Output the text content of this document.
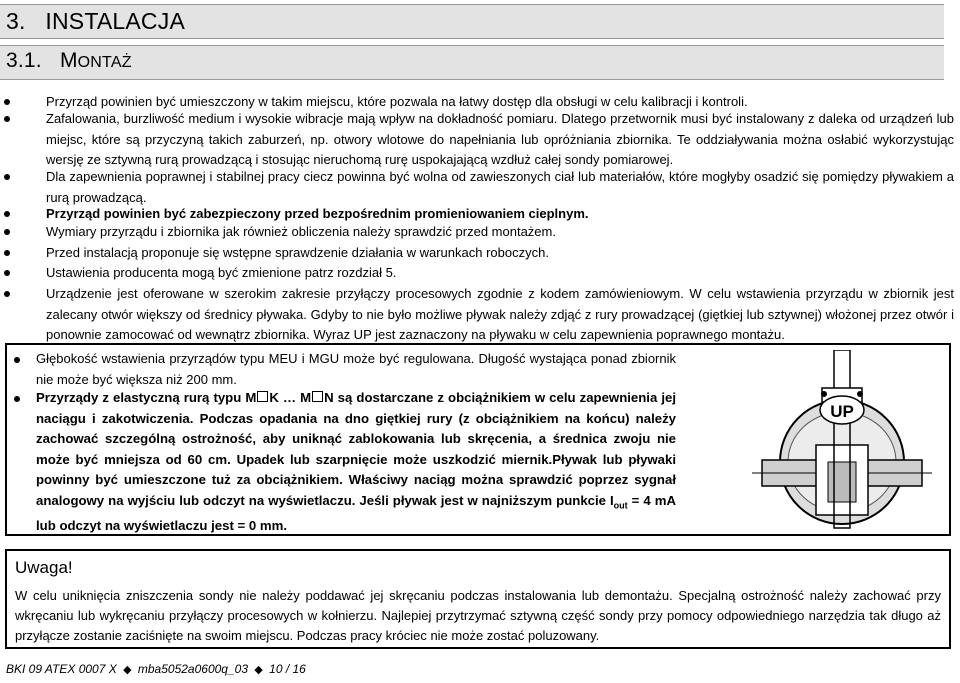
3. INSTALACJA
3.1. MONTAŻ
Przyrząd powinien być umieszczony w takim miejscu, które pozwala na łatwy dostęp dla obsługi w celu kalibracji i kontroli.
Zafalowania, burzliwość medium i wysokie wibracje mają wpływ na dokładność pomiaru. Dlatego przetwornik musi być instalowany z daleka od urządzeń lub miejsc, które są przyczyną takich zaburzeń, np. otwory wlotowe do napełniania lub opróżniania zbiornika. Te oddziaływania można osłabić wykorzystując wersję ze sztywną rurą prowadzącą i stosując nieruchomą rurę uspokajającą wzdłuż całej sondy pomiarowej.
Dla zapewnienia poprawnej i stabilnej pracy ciecz powinna być wolna od zawieszonych ciał lub materiałów, które mogłyby osadzić się pomiędzy pływakiem a rurą prowadzącą.
Przyrząd powinien być zabezpieczony przed bezpośrednim promieniowaniem cieplnym.
Wymiary przyrządu i zbiornika jak również obliczenia należy sprawdzić przed montażem.
Przed instalacją proponuje się wstępne sprawdzenie działania w warunkach roboczych.
Ustawienia producenta mogą być zmienione patrz rozdział 5.
Urządzenie jest oferowane w szerokim zakresie przyłączy procesowych zgodnie z kodem zamówieniowym. W celu wstawienia przyrządu w zbiornik jest zalecany otwór większy od średnicy pływaka. Gdyby to nie było możliwe pływak należy zdjąć z rury prowadzącej (giętkiej lub sztywnej) włożonej przez otwór i ponownie zamocować od wewnątrz zbiornika. Wyraz UP jest zaznaczony na pływaku w celu zapewnienia poprawnego montażu.
Głębokość wstawienia przyrządów typu MEU i MGU może być regulowana. Długość wystająca ponad zbiornik nie może być większa niż 200 mm.
Przyrządy z elastyczną rurą typu M K … M N są dostarczane z obciążnikiem w celu zapewnienia jej naciągu i zakotwiczenia. Podczas opadania na dno giętkiej rury (z obciążnikiem na końcu) należy zachować szczególną ostrożność, aby uniknąć zablokowania lub skręcenia, a średnica zwoju nie może być mniejsza od 60 cm. Upadek lub szarpnięcie może uszkodzić miernik.Pływak lub pływaki powinny być umieszczone tuż za obciążnikiem. Właściwy naciąg można sprawdzić poprzez sygnał analogowy na wyjściu lub odczyt na wyświetlaczu. Jeśli pływak jest w najniższym punkcie $I_{out} = 4$ mA lub odczyt na wyświetlaczu jest = 0 mm.
UP
Uwaga!
W celu uniknięcia zniszczenia sondy nie należy poddawać jej skręcaniu podczas instalowania lub demontażu. Specjalną ostrożność należy zachować przy wkręcaniu lub wykręcaniu przyłączy procesowych w kołnierzu. Najlepiej przytrzymać sztywną część sondy przy pomocy odpowiedniego narzędzia tak długo aż przyłącze zostanie zaciśnięte na swoim miejscu. Podczas pracy króciec nie może zostać poluzowany.
BKI 09 ATEX 0007 X ◆ mba5052a0600q_03 ◆ 10 / 16
